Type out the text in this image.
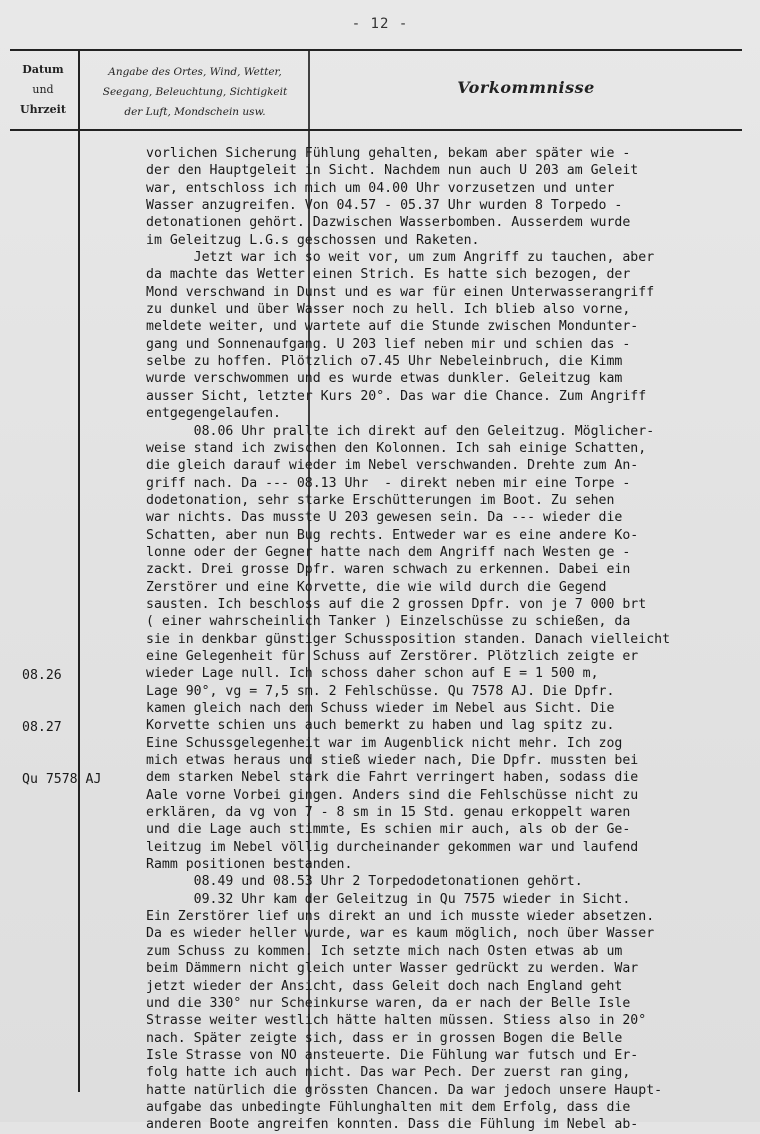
- 12 -
Datum
und
Uhrzeit
Angabe des Ortes, Wind, Wetter,
Seegang, Beleuchtung, Sichtigkeit
der Luft, Mondschein usw.
Vorkommnisse

08.26

08.27

Qu 7578 AJ

vorlichen Sicherung Fühlung gehalten, bekam aber später wie -
der den Hauptgeleit in Sicht. Nachdem nun auch U 203 am Geleit
war, entschloss ich mich um 04.00 Uhr vorzusetzen und unter
Wasser anzugreifen. Von 04.57 - 05.37 Uhr wurden 8 Torpedo -
detonationen gehört. Dazwischen Wasserbomben. Ausserdem wurde
im Geleitzug L.G.s geschossen und Raketen.
Jetzt war ich so weit vor, um zum Angriff zu tauchen, aber
da machte das Wetter einen Strich. Es hatte sich bezogen, der
Mond verschwand in Dunst und es war für einen Unterwasserangriff
zu dunkel und über Wasser noch zu hell. Ich blieb also vorne,
meldete weiter, und wartete auf die Stunde zwischen Mondunter-
gang und Sonnenaufgang. U 203 lief neben mir und schien das -
selbe zu hoffen. Plötzlich o7.45 Uhr Nebeleinbruch, die Kimm
wurde verschwommen und es wurde etwas dunkler. Geleitzug kam
ausser Sicht, letzter Kurs 20°. Das war die Chance. Zum Angriff
entgegengelaufen.
08.06 Uhr prallte ich direkt auf den Geleitzug. Möglicher-
weise stand ich zwischen den Kolonnen. Ich sah einige Schatten,
die gleich darauf wieder im Nebel verschwanden. Drehte zum An-
griff nach. Da --- 08.13 Uhr  - direkt neben mir eine Torpe -
dodetonation, sehr starke Erschütterungen im Boot. Zu sehen
war nichts. Das musste U 203 gewesen sein. Da --- wieder die
Schatten, aber nun Bug rechts. Entweder war es eine andere Ko-
lonne oder der Gegner hatte nach dem Angriff nach Westen ge -
zackt. Drei grosse Dpfr. waren schwach zu erkennen. Dabei ein
Zerstörer und eine Korvette, die wie wild durch die Gegend
sausten. Ich beschloss auf die 2 grossen Dpfr. von je 7 000 brt
( einer wahrscheinlich Tanker ) Einzelschüsse zu schießen, da
sie in denkbar günstiger Schussposition standen. Danach vielleicht
eine Gelegenheit für Schuss auf Zerstörer. Plötzlich zeigte er
wieder Lage null. Ich schoss daher schon auf E = 1 500 m,
Lage 90°, vg = 7,5 sm. 2 Fehlschüsse. Qu 7578 AJ. Die Dpfr.
kamen gleich nach dem Schuss wieder im Nebel aus Sicht. Die
Korvette schien uns auch bemerkt zu haben und lag spitz zu.
Eine Schussgelegenheit war im Augenblick nicht mehr. Ich zog
mich etwas heraus und stieß wieder nach, Die Dpfr. mussten bei
dem starken Nebel stark die Fahrt verringert haben, sodass die
Aale vorne Vorbei gingen. Anders sind die Fehlschüsse nicht zu
erklären, da vg von 7 - 8 sm in 15 Std. genau erkoppelt waren
und die Lage auch stimmte, Es schien mir auch, als ob der Ge-
leitzug im Nebel völlig durcheinander gekommen war und laufend
Ramm positionen bestanden.
08.49 und 08.53 Uhr 2 Torpedodetonationen gehört.
09.32 Uhr kam der Geleitzug in Qu 7575 wieder in Sicht.
Ein Zerstörer lief uns direkt an und ich musste wieder absetzen.
Da es wieder heller wurde, war es kaum möglich, noch über Wasser
zum Schuss zu kommen. Ich setzte mich nach Osten etwas ab um
beim Dämmern nicht gleich unter Wasser gedrückt zu werden. War
jetzt wieder der Ansicht, dass Geleit doch nach England geht
und die 330° nur Scheinkurse waren, da er nach der Belle Isle
Strasse weiter westlich hätte halten müssen. Stiess also in 20°
nach. Später zeigte sich, dass er in grossen Bogen die Belle
Isle Strasse von NO ansteuerte. Die Fühlung war futsch und Er-
folg hatte ich auch nicht. Das war Pech. Der zuerst ran ging,
hatte natürlich die grössten Chancen. Da war jedoch unsere Haupt-
aufgabe das unbedingte Fühlunghalten mit dem Erfolg, dass die
anderen Boote angreifen konnten. Dass die Fühlung im Nebel ab-
